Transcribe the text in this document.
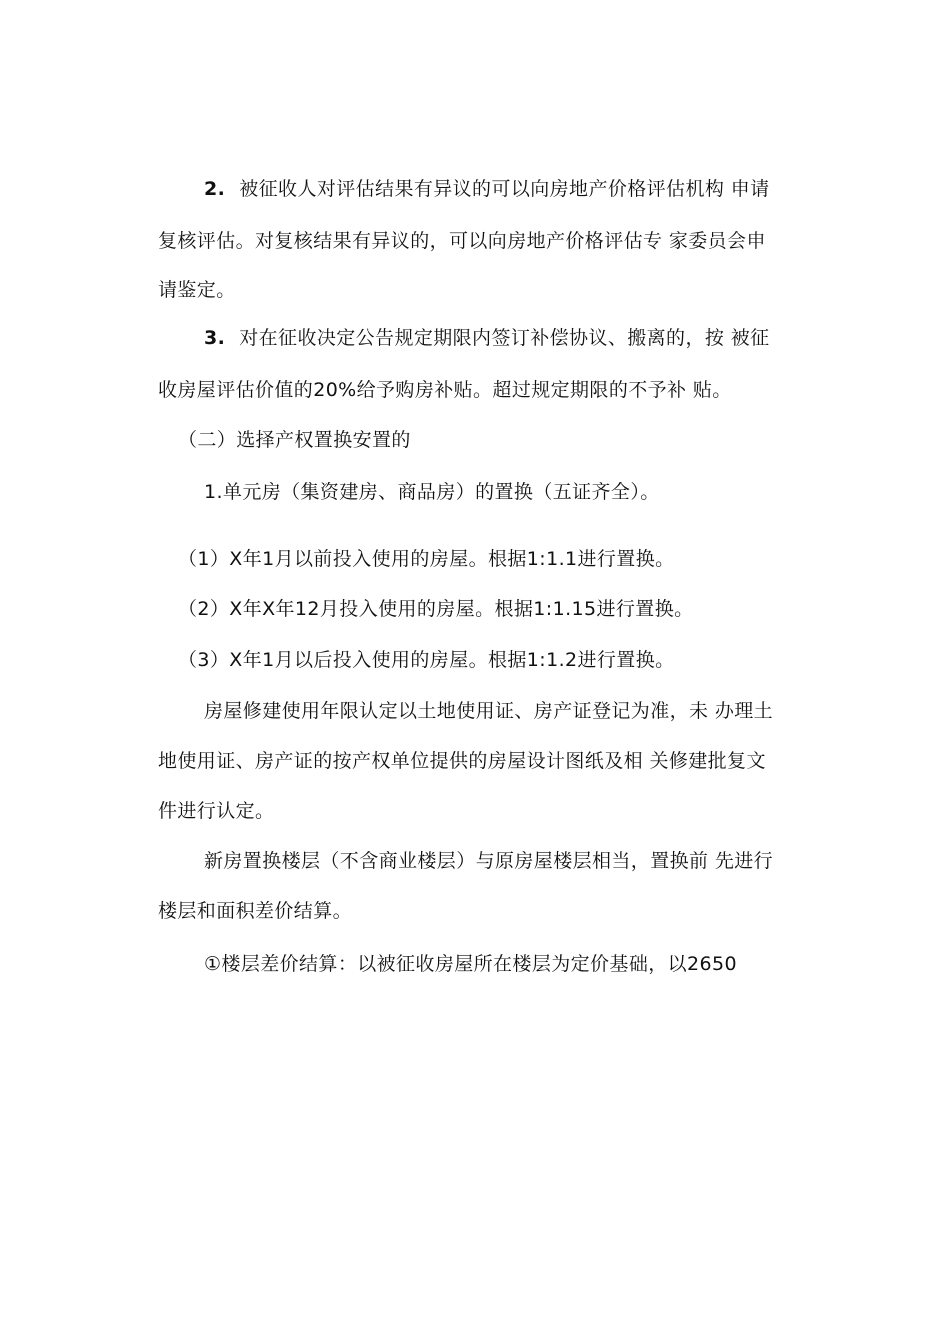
2. 被征收人对评估结果有异议的可以向房地产价格评估机构 申请
复核评估。对复核结果有异议的，可以向房地产价格评估专 家委员会申
请鉴定。
3. 对在征收决定公告规定期限内签订补偿协议、搬离的，按 被征
收房屋评估价值的20%给予购房补贴。超过规定期限的不予补 贴。
（二）选择产权置换安置的
1.单元房（集资建房、商品房）的置换（五证齐全）。
（1）X年1月以前投入使用的房屋。根据1:1.1进行置换。
（2）X年X年12月投入使用的房屋。根据1:1.15进行置换。
（3）X年1月以后投入使用的房屋。根据1:1.2进行置换。
房屋修建使用年限认定以土地使用证、房产证登记为准，未 办理土
地使用证、房产证的按产权单位提供的房屋设计图纸及相 关修建批复文
件进行认定。
新房置换楼层（不含商业楼层）与原房屋楼层相当，置换前 先进行
楼层和面积差价结算。
①楼层差价结算：以被征收房屋所在楼层为定价基础，以2650
